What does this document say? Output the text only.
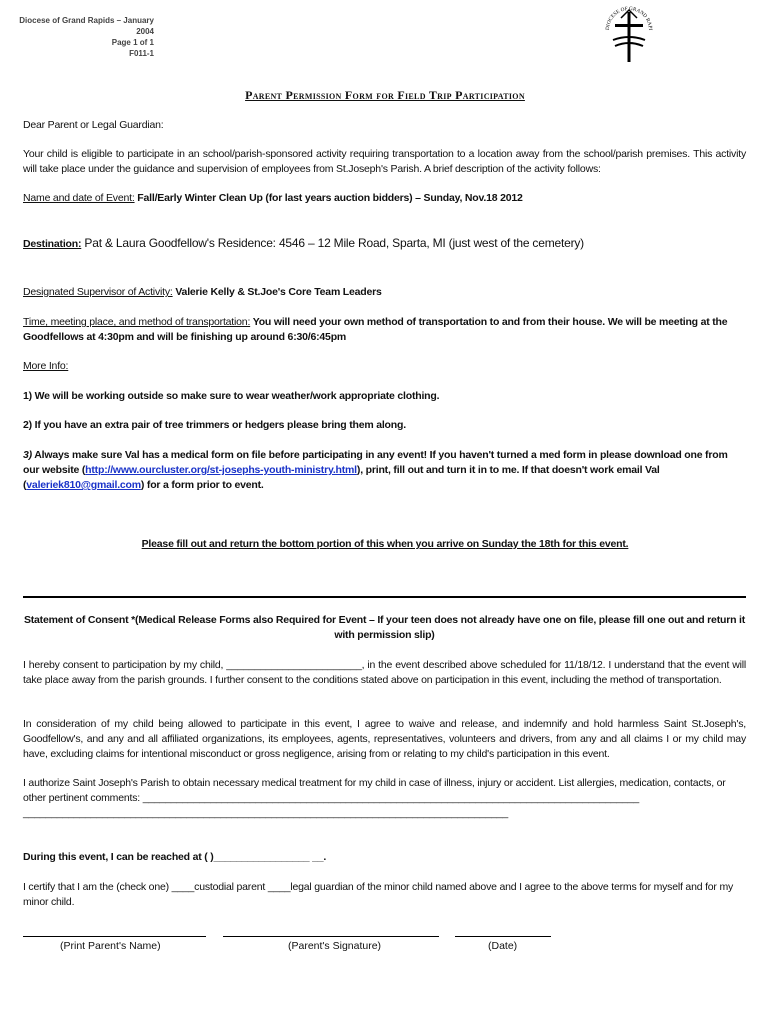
Diocese of Grand Rapids – January 2004
Page 1 of 1
F011-1
DIOCESE OF GRAND RAPI
Parent Permission Form for Field Trip Participation
Dear Parent or Legal Guardian:
Your child is eligible to participate in an school/parish-sponsored activity requiring transportation to a location away from the school/parish premises. This activity will take place under the guidance and supervision of employees from St.Joseph's Parish. A brief description of the activity follows:
Name and date of Event: Fall/Early Winter Clean Up (for last years auction bidders) – Sunday, Nov.18 2012
Destination: Pat & Laura Goodfellow's Residence: 4546 – 12 Mile Road, Sparta, MI (just west of the cemetery)
Designated Supervisor of Activity: Valerie Kelly & St.Joe's Core Team Leaders
Time, meeting place, and method of transportation: You will need your own method of transportation to and from their house. We will be meeting at the Goodfellows at 4:30pm and will be finishing up around 6:30/6:45pm
More Info:
1) We will be working outside so make sure to wear weather/work appropriate clothing.
2) If you have an extra pair of tree trimmers or hedgers please bring them along.
3) Always make sure Val has a medical form on file before participating in any event! If you haven't turned a med form in please download one from our website (http://www.ourcluster.org/st-josephs-youth-ministry.html), print, fill out and turn it in to me. If that doesn't work email Val (valeriek810@gmail.com) for a form prior to event.
Please fill out and return the bottom portion of this when you arrive on Sunday the 18th for this event.
Statement of Consent *(Medical Release Forms also Required for Event – If your teen does not already have one on file, please fill one out and return it with permission slip)
I hereby consent to participation by my child, ________________________, in the event described above scheduled for 11/18/12. I understand that the event will take place away from the parish grounds. I further consent to the conditions stated above on participation in this event, including the method of transportation.
In consideration of my child being allowed to participate in this event, I agree to waive and release, and indemnify and hold harmless Saint St.Joseph's, Goodfellow's, and any and all affiliated organizations, its employees, agents, representatives, volunteers and drivers, from any and all claims I or my child may have, excluding claims for intentional misconduct or gross negligence, arising from or relating to my child's participation in this event.
I authorize Saint Joseph's Parish to obtain necessary medical treatment for my child in case of illness, injury or accident. List allergies, medication, contacts, or other pertinent comments: ________________________________________________________________________________________
______________________________________________________________________________________
During this event, I can be reached at ( )_________________ __.
I certify that I am the (check one) ____custodial parent ____legal guardian of the minor child named above and I agree to the above terms for myself and for my minor child.
(Print Parent's Name)	(Parent's Signature)	(Date)
